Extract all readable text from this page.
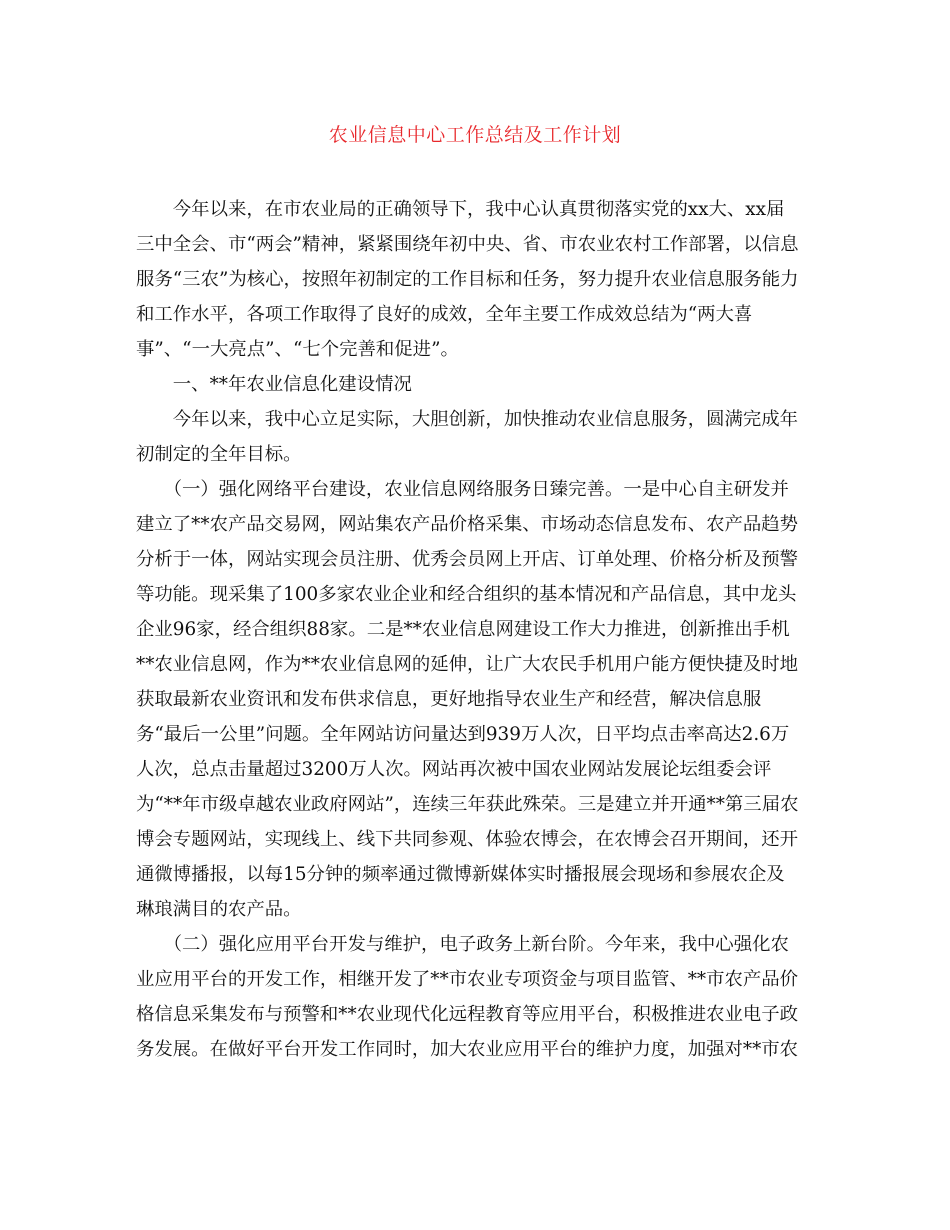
农业信息中心工作总结及工作计划
　　今年以来，在市农业局的正确领导下，我中心认真贯彻落实党的xx大、xx届
三中全会、市“两会”精神，紧紧围绕年初中央、省、市农业农村工作部署，以信息
服务“三农”为核心，按照年初制定的工作目标和任务，努力提升农业信息服务能力
和工作水平，各项工作取得了良好的成效，全年主要工作成效总结为“两大喜
事”、“一大亮点”、“七个完善和促进”。
　　一、**年农业信息化建设情况
　　今年以来，我中心立足实际，大胆创新，加快推动农业信息服务，圆满完成年
初制定的全年目标。
　　（一）强化网络平台建设，农业信息网络服务日臻完善。一是中心自主研发并
建立了**农产品交易网，网站集农产品价格采集、市场动态信息发布、农产品趋势
分析于一体，网站实现会员注册、优秀会员网上开店、订单处理、价格分析及预警
等功能。现采集了100多家农业企业和经合组织的基本情况和产品信息，其中龙头
企业96家，经合组织88家。二是**农业信息网建设工作大力推进，创新推出手机
**农业信息网，作为**农业信息网的延伸，让广大农民手机用户能方便快捷及时地
获取最新农业资讯和发布供求信息，更好地指导农业生产和经营，解决信息服
务“最后一公里”问题。全年网站访问量达到939万人次，日平均点击率高达2.6万
人次，总点击量超过3200万人次。网站再次被中国农业网站发展论坛组委会评
为“**年市级卓越农业政府网站”，连续三年获此殊荣。三是建立并开通**第三届农
博会专题网站，实现线上、线下共同参观、体验农博会，在农博会召开期间，还开
通微博播报，以每15分钟的频率通过微博新媒体实时播报展会现场和参展农企及
琳琅满目的农产品。
　　（二）强化应用平台开发与维护，电子政务上新台阶。今年来，我中心强化农
业应用平台的开发工作，相继开发了**市农业专项资金与项目监管、**市农产品价
格信息采集发布与预警和**农业现代化远程教育等应用平台，积极推进农业电子政
务发展。在做好平台开发工作同时，加大农业应用平台的维护力度，加强对**市农
